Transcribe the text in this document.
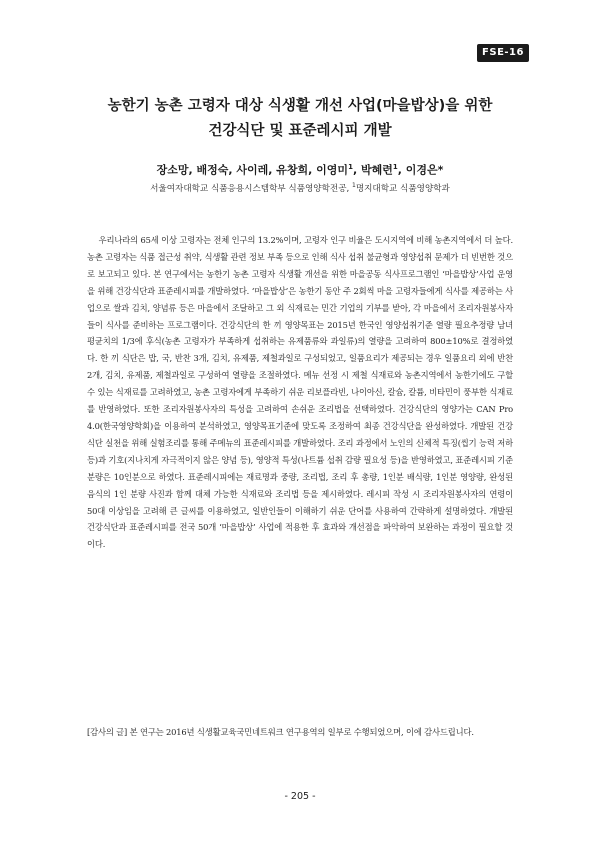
FSE-16
농한기 농촌 고령자 대상 식생활 개선 사업(마을밥상)을 위한
건강식단 및 표준레시피 개발
장소망, 배정숙, 사이레, 유창희, 이영미$^1$, 박혜련$^1$, 이경은*
서울여자대학교 식품응용시스템학부 식품영양학전공, $^1$명지대학교 식품영양학과
우리나라의 65세 이상 고령자는 전체 인구의 13.2%이며, 고령자 인구 비율은 도시지역에 비해 농촌지역에서 더 높다. 농촌 고령자는 식품 접근성 취약, 식생활 관련 정보 부족 등으로 인해 식사 섭취 불균형과 영양섭취 문제가 더 빈번한 것으로 보고되고 있다. 본 연구에서는 농한기 농촌 고령자 식생활 개선을 위한 마을공동 식사프로그램인 ‘마을밥상’사업 운영을 위해 건강식단과 표준레시피를 개발하였다. ‘마을밥상’은 농한기 동안 주 2회씩 마을 고령자들에게 식사를 제공하는 사업으로 쌀과 김치, 양념류 등은 마을에서 조달하고 그 외 식재료는 민간 기업의 기부를 받아, 각 마을에서 조리자원봉사자들이 식사를 준비하는 프로그램이다. 건강식단의 한 끼 영양목표는 2015년 한국인 영양섭취기준 열량 필요추정량 남녀 평균치의 1/3에 후식(농촌 고령자가 부족하게 섭취하는 유제품류와 과일류)의 열량을 고려하여 800±10%로 결정하였다. 한 끼 식단은 밥, 국, 반찬 3개, 김치, 유제품, 제철과일로 구성되었고, 일품요리가 제공되는 경우 일품요리 외에 반찬 2개, 김치, 유제품, 제철과일로 구성하여 열량을 조절하였다. 메뉴 선정 시 제철 식재료와 농촌지역에서 농한기에도 구할 수 있는 식재료를 고려하였고, 농촌 고령자에게 부족하기 쉬운 리보플라빈, 나이아신, 칼슘, 칼륨, 비타민이 풍부한 식재료를 반영하였다. 또한 조리자원봉사자의 특성을 고려하여 손쉬운 조리법을 선택하였다. 건강식단의 영양가는 CAN Pro 4.0(한국영양학회)을 이용하여 분석하였고, 영양목표기준에 맞도록 조정하여 최종 건강식단을 완성하였다. 개발된 건강식단 실천을 위해 실험조리를 통해 주메뉴의 표준레시피를 개발하였다. 조리 과정에서 노인의 신체적 특징(씹기 능력 저하 등)과 기호(지나치게 자극적이지 않은 양념 등), 영양적 특성(나트륨 섭취 감량 필요성 등)을 반영하였고, 표준레시피 기준 분량은 10인분으로 하였다. 표준레시피에는 재료명과 중량, 조리법, 조리 후 총량, 1인분 배식량, 1인분 영양량, 완성된 음식의 1인 분량 사진과 함께 대체 가능한 식재료와 조리법 등을 제시하였다. 레시피 작성 시 조리자원봉사자의 연령이 50대 이상임을 고려해 큰 글씨를 이용하였고, 일반인들이 이해하기 쉬운 단어를 사용하여 간략하게 설명하였다. 개발된 건강식단과 표준레시피를 전국 50개 ‘마을밥상’ 사업에 적용한 후 효과와 개선점을 파악하여 보완하는 과정이 필요할 것이다.
[감사의 글] 본 연구는 2016년 식생활교육국민네트워크 연구용역의 일부로 수행되었으며, 이에 감사드립니다.
- 205 -
